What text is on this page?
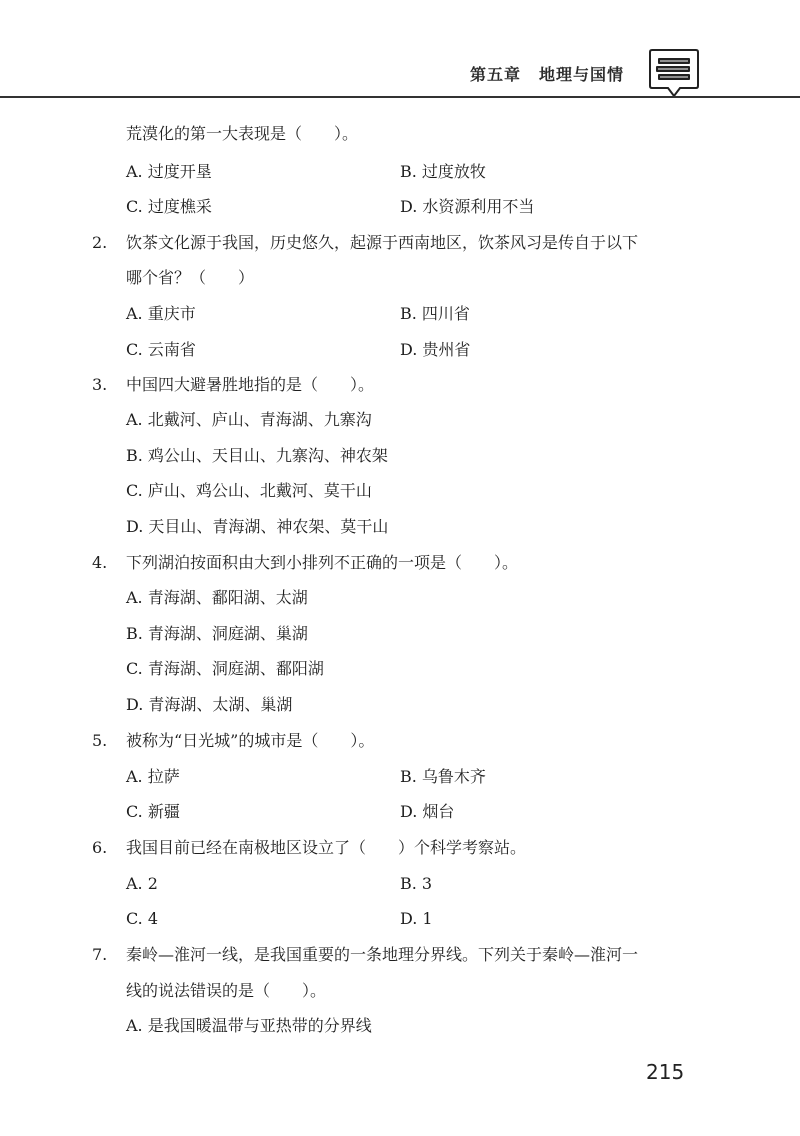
第五章 地理与国情
荒漠化的第一大表现是（　　）。
A. 过度开垦	B. 过度放牧
C. 过度樵采	D. 水资源利用不当
2. 饮茶文化源于我国，历史悠久，起源于西南地区，饮茶风习是传自于以下
哪个省？（　　）
A. 重庆市	B. 四川省
C. 云南省	D. 贵州省
3. 中国四大避暑胜地指的是（　　）。
A. 北戴河、庐山、青海湖、九寨沟
B. 鸡公山、天目山、九寨沟、神农架
C. 庐山、鸡公山、北戴河、莫干山
D. 天目山、青海湖、神农架、莫干山
4. 下列湖泊按面积由大到小排列不正确的一项是（　　）。
A. 青海湖、鄱阳湖、太湖
B. 青海湖、洞庭湖、巢湖
C. 青海湖、洞庭湖、鄱阳湖
D. 青海湖、太湖、巢湖
5. 被称为“日光城”的城市是（　　）。
A. 拉萨	B. 乌鲁木齐
C. 新疆	D. 烟台
6. 我国目前已经在南极地区设立了（　　）个科学考察站。
A. 2	B. 3
C. 4	D. 1
7. 秦岭—淮河一线，是我国重要的一条地理分界线。下列关于秦岭—淮河一
线的说法错误的是（　　）。
A. 是我国暖温带与亚热带的分界线
215
